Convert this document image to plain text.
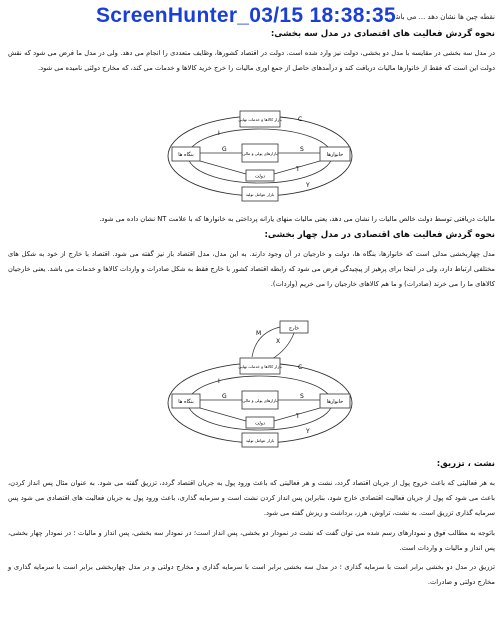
نقطه چین ها نشان دهد ... می باشد.
ScreenHunter_03/15 18:38:35
نحوه گردش فعالیت های اقتصادی در مدل سه بخشی:
در مدل سه بخشی در مقایسه با مدل دو بخشی، دولت نیز وارد شده است. دولت در اقتصاد کشورها، وظایف متعددی را انجام می دهد. ولی در مدل ما فرض می شود که نقش دولت این است که فقط از خانوارها مالیات دریافت کند و درآمدهای حاصل از جمع اوری مالیات را خرج خرید کالاها و خدمات می کند، که مخارج دولتی نامیده می شود.
بنگاه ها	خانوارها
بازار کالاها و خدمات نهایی
بازارهای پولی و مالی
دولت
بازار عوامل تولید
C
I
S
G
T
Y
مالیات دریافتی توسط دولت خالص مالیات را نشان می دهد، یعنی مالیات منهای یارانه پرداختی به خانوارها که با علامت NT نشان داده می شود.
نحوه گردش فعالیت های اقتصادی در مدل چهار بخشی:
مدل چهاربخشی مدلی است که خانوارها، بنگاه ها، دولت و خارجیان در آن وجود دارند. به این مدل، مدل اقتصاد باز نیز گفته می شود. اقتصاد با خارج از خود به شکل های مختلفی ارتباط دارد، ولی در اینجا برای پرهیز از پیچیدگی فرض می شود که رابطه اقتصاد کشور با خارج فقط به شکل صادرات و واردات کالاها و خدمات می باشد. یعنی خارجیان کالاهای ما را می خرند (صادرات) و ما هم کالاهای خارجیان را می خریم (واردات).
خارج
M
X
بنگاه ها	خانوارها
بازار کالاها و خدمات نهایی
بازارهای پولی و مالی
دولت
بازار عوامل تولید
C
I
S
G
T
Y
نشت ، تزریق:
به هر فعالیتی که باعث خروج پول از جریان اقتصاد گردد، نشت و هر فعالیتی که باعث ورود پول به جریان اقتصاد گردد، تزریق گفته می شود. به عنوان مثال پس انداز کردن، باعث می شود که پول از جریان فعالیت اقتصادی خارج شود، بنابراین پس انداز کردن نشت است و سرمایه گذاری، باعث ورود پول به جریان فعالیت های اقتصادی می شود پس سرمایه گذاری تزریق است. به نشت، تراوش، هرز، برداشت و ریزش گفته می شود.
باتوجه به مطالب فوق و نمودارهای رسم شده می توان گفت که نشت در نمودار دو بخشی، پس انداز است؛ در نمودار سه بخشی، پس انداز و مالیات ؛ در نمودار چهار بخشی، پس انداز و مالیات و واردات است.
تزریق در مدل دو بخشی برابر است با سرمایه گذاری ؛ در مدل سه بخشی برابر است با سرمایه گذاری و مخارج دولتی و در مدل چهاربخشی برابر است با سرمایه گذاری و مخارج دولتی و صادرات.
